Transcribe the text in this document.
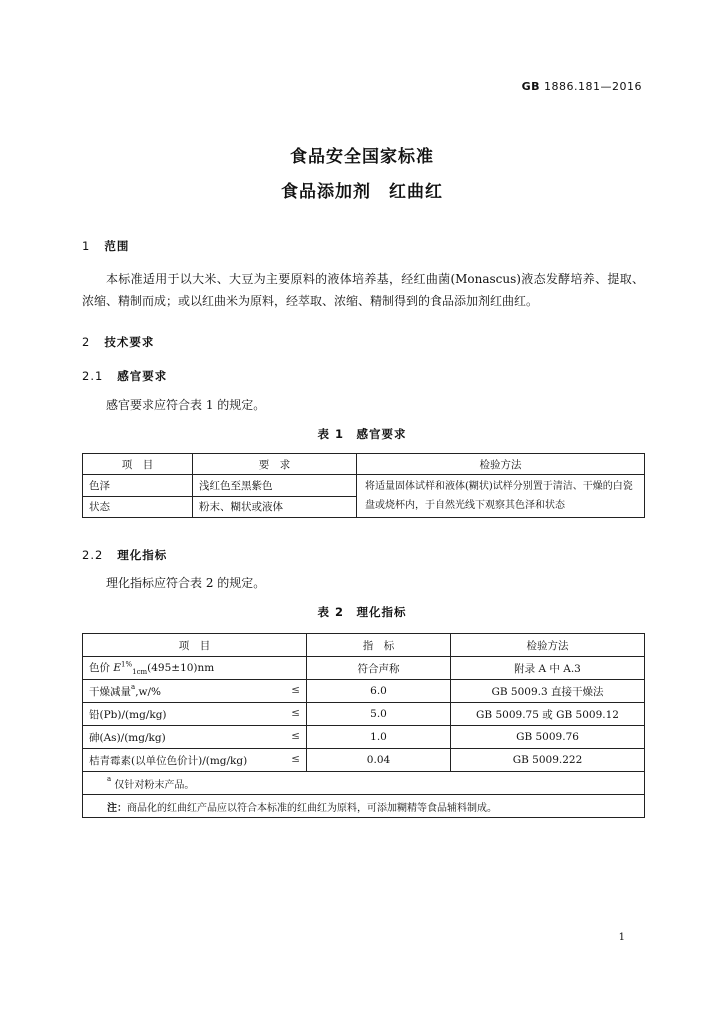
GB 1886.181—2016
食品安全国家标准
食品添加剂　红曲红
1 范围
本标准适用于以大米、大豆为主要原料的液体培养基，经红曲菌(Monascus)液态发酵培养、提取、浓缩、精制而成；或以红曲米为原料，经萃取、浓缩、精制得到的食品添加剂红曲红。
2 技术要求
2.1 感官要求
感官要求应符合表 1 的规定。
表 1　感官要求
项　目	要　求	检验方法
色泽	浅红色至黑紫色	将适量固体试样和液体(糊状)试样分别置于清洁、干燥的白瓷盘或烧杯内，于自然光线下观察其色泽和状态
状态	粉末、糊状或液体	
2.2 理化指标
理化指标应符合表 2 的规定。
表 2　理化指标
项　目	指　标	检验方法
色价 $E^{1\%}_{1cm}(495\pm 10)nm$	符合声称	附录 A 中 A.3
干燥减量$^a$,w/% ≤	6.0	GB 5009.3 直接干燥法
铅(Pb)/(mg/kg) ≤	5.0	GB 5009.75 或 GB 5009.12
砷(As)/(mg/kg) ≤	1.0	GB 5009.76
桔青霉素(以单位色价计)/(mg/kg) ≤	0.04	GB 5009.222
$^a$ 仅针对粉末产品。		
注：商品化的红曲红产品应以符合本标准的红曲红为原料，可添加糊精等食品辅料制成。		
1
